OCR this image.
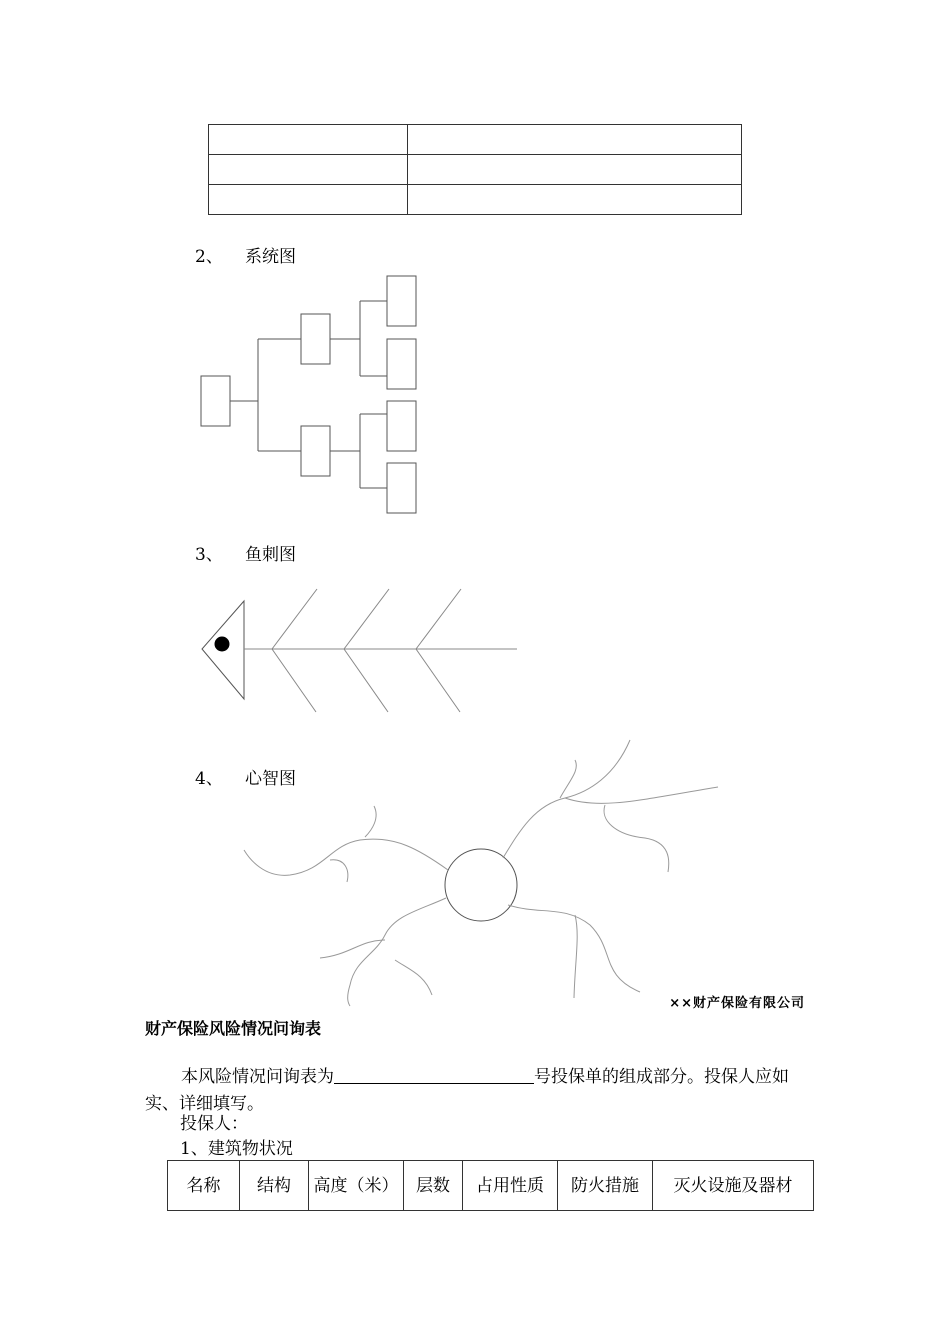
2、 系统图
3、 鱼刺图
4、 心智图
××财产保险有限公司
财产保险风险情况问询表
本风险情况问询表为	号投保单的组成部分。投保人应如实、详细填写。
投保人：
1、建筑物状况
名称	结构	高度（米）	层数	占用性质	防火措施	灭火设施及器材
